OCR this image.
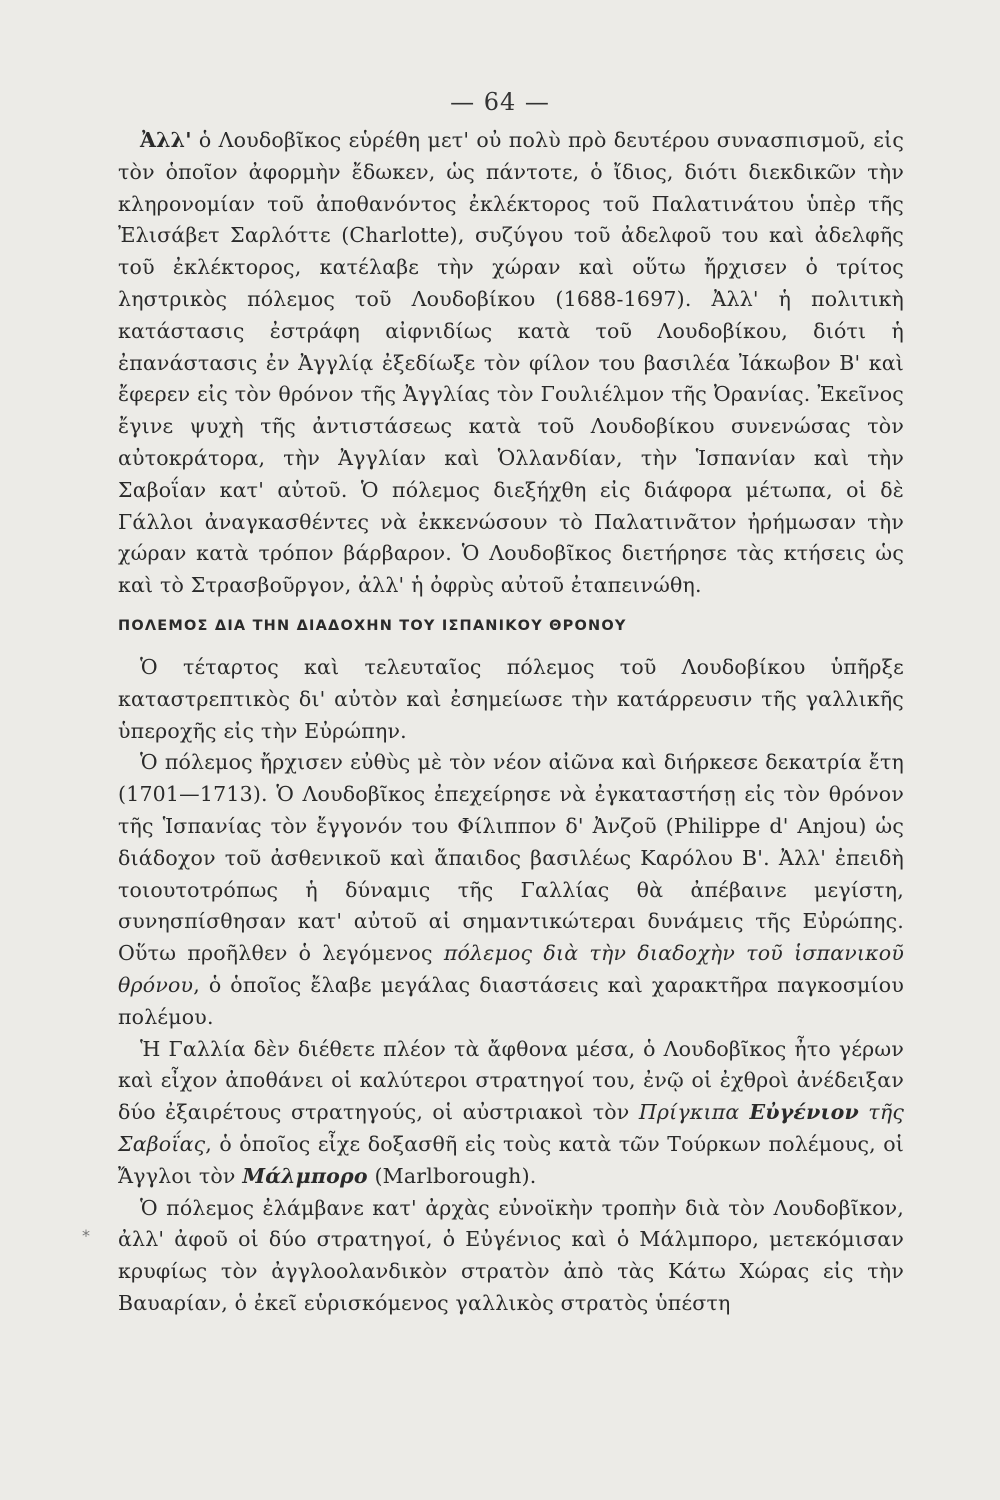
— 64 —

Ἀλλ' ὁ Λουδοβῖκος εὑρέθη μετ' οὐ πολὺ πρὸ δευτέρου συνασπισμοῦ, εἰς τὸν ὁποῖον ἀφορμὴν ἔδωκεν, ὡς πάντοτε, ὁ ἴδιος, διότι διεκδικῶν τὴν κληρονομίαν τοῦ ἀποθανόντος ἐκλέκτορος τοῦ Παλατινάτου ὑπὲρ τῆς Ἐλισάβετ Σαρλόττε (Charlotte), συζύγου τοῦ ἀδελφοῦ του καὶ ἀδελφῆς τοῦ ἐκλέκτορος, κατέλαβε τὴν χώραν καὶ οὕτω ἤρχισεν ὁ τρίτος ληστρικὸς πόλεμος τοῦ Λουδοβίκου (1688-1697). Ἀλλ' ἡ πολιτικὴ κατάστασις ἐστράφη αἰφνιδίως κατὰ τοῦ Λουδοβίκου, διότι ἡ ἐπανάστασις ἐν Ἀγγλίᾳ ἐξεδίωξε τὸν φίλον του βασιλέα Ἰάκωβον Β' καὶ ἔφερεν εἰς τὸν θρόνον τῆς Ἀγγλίας τὸν Γουλιέλμον τῆς Ὀρανίας. Ἐκεῖνος ἔγινε ψυχὴ τῆς ἀντιστάσεως κατὰ τοῦ Λουδοβίκου συνενώσας τὸν αὐτοκράτορα, τὴν Ἀγγλίαν καὶ Ὁλλανδίαν, τὴν Ἱσπανίαν καὶ τὴν Σαβοΐαν κατ' αὐτοῦ. Ὁ πόλεμος διεξήχθη εἰς διάφορα μέτωπα, οἱ δὲ Γάλλοι ἀναγκασθέντες νὰ ἐκκενώσουν τὸ Παλατινᾶτον ἠρήμωσαν τὴν χώραν κατὰ τρόπον βάρβαρον. Ὁ Λουδοβῖκος διετήρησε τὰς κτήσεις ὡς καὶ τὸ Στρασβοῦργον, ἀλλ' ἡ ὀφρὺς αὐτοῦ ἐταπεινώθη.

ΠΟΛΕΜΟΣ ΔΙΑ ΤΗΝ ΔΙΑΔΟΧΗΝ ΤΟΥ ΙΣΠΑΝΙΚΟΥ ΘΡΟΝΟΥ

Ὁ τέταρτος καὶ τελευταῖος πόλεμος τοῦ Λουδοβίκου ὑπῆρξε καταστρεπτικὸς δι' αὐτὸν καὶ ἐσημείωσε τὴν κατάρρευσιν τῆς γαλλικῆς ὑπεροχῆς εἰς τὴν Εὐρώπην.

Ὁ πόλεμος ἤρχισεν εὐθὺς μὲ τὸν νέον αἰῶνα καὶ διήρκεσε δεκατρία ἔτη (1701—1713). Ὁ Λουδοβῖκος ἐπεχείρησε νὰ ἐγκαταστήσῃ εἰς τὸν θρόνον τῆς Ἱσπανίας τὸν ἔγγονόν του Φίλιππον δ' Ἀνζοῦ (Philippe d' Anjou) ὡς διάδοχον τοῦ ἀσθενικοῦ καὶ ἄπαιδος βασιλέως Καρόλου Β'. Ἀλλ' ἐπειδὴ τοιουτοτρόπως ἡ δύναμις τῆς Γαλλίας θὰ ἀπέβαινε μεγίστη, συνησπίσθησαν κατ' αὐτοῦ αἱ σημαντικώτεραι δυνάμεις τῆς Εὐρώπης. Οὕτω προῆλθεν ὁ λεγόμενος πόλεμος διὰ τὴν διαδοχὴν τοῦ ἱσπανικοῦ θρόνου, ὁ ὁποῖος ἔλαβε μεγάλας διαστάσεις καὶ χαρακτῆρα παγκοσμίου πολέμου.

Ἡ Γαλλία δὲν διέθετε πλέον τὰ ἄφθονα μέσα, ὁ Λουδοβῖκος ἦτο γέρων καὶ εἶχον ἀποθάνει οἱ καλύτεροι στρατηγοί του, ἐνῷ οἱ ἐχθροὶ ἀνέδειξαν δύο ἐξαιρέτους στρατηγούς, οἱ αὐστριακοὶ τὸν Πρίγκιπα Εὐγένιον τῆς Σαβοΐας, ὁ ὁποῖος εἶχε δοξασθῆ εἰς τοὺς κατὰ τῶν Τούρκων πολέμους, οἱ Ἄγγλοι τὸν Μάλμπορο (Marlborough).

Ὁ πόλεμος ἐλάμβανε κατ' ἀρχὰς εὐνοϊκὴν τροπὴν διὰ τὸν Λουδοβῖκον, ἀλλ' ἀφοῦ οἱ δύο στρατηγοί, ὁ Εὐγένιος καὶ ὁ Μάλμπορο, μετεκόμισαν κρυφίως τὸν ἀγγλοολανδικὸν στρατὸν ἀπὸ τὰς Κάτω Χώρας εἰς τὴν Βαυαρίαν, ὁ ἐκεῖ εὑρισκόμενος γαλλικὸς στρατὸς ὑπέστη

*
